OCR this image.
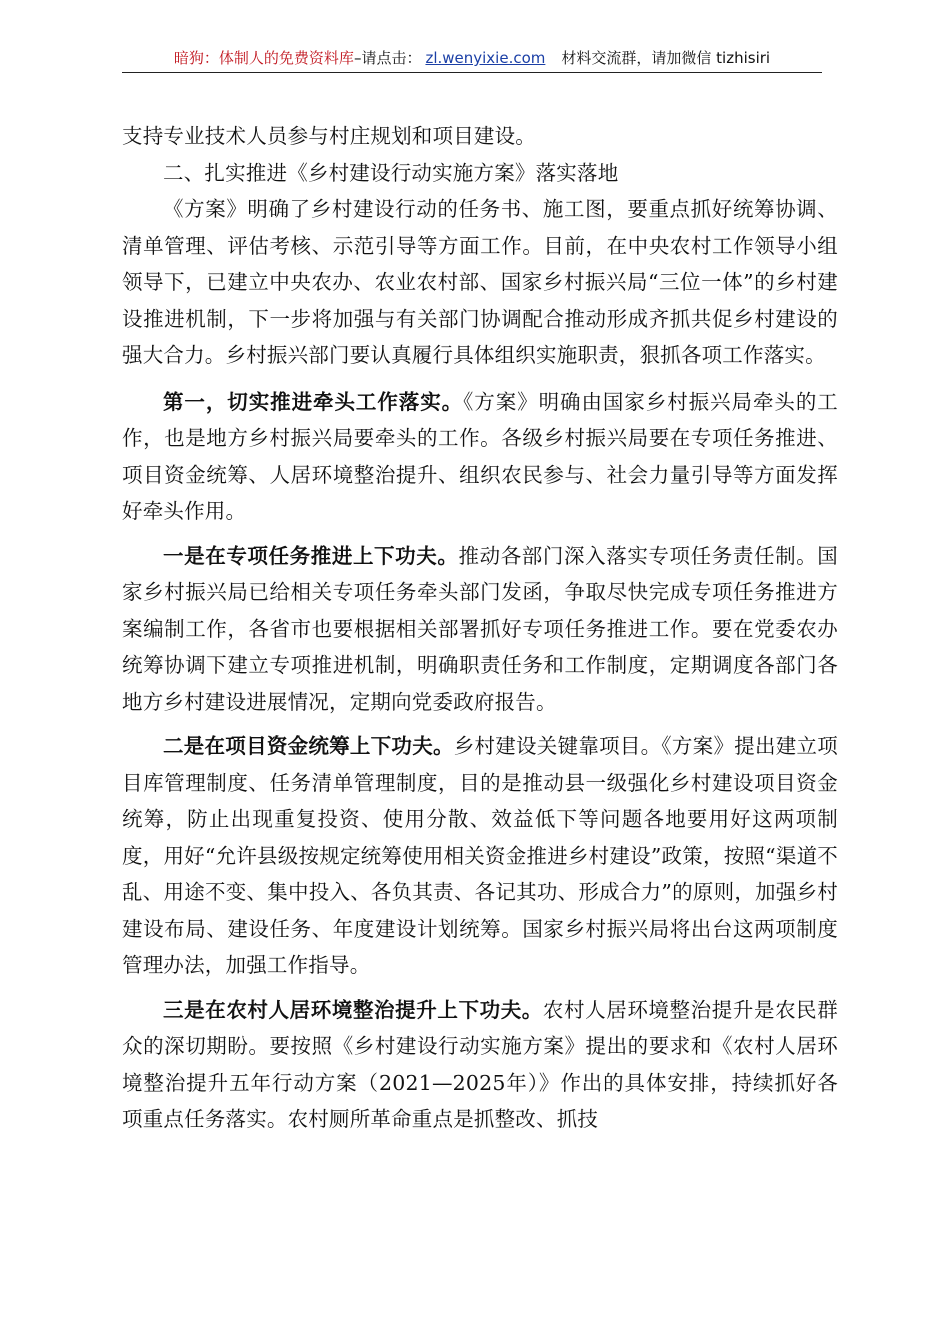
暗狗：体制人的免费资料库–请点击： zl.wenyixie.com 材料交流群，请加微信 tizhisiri

支持专业技术人员参与村庄规划和项目建设。

二、扎实推进《乡村建设行动实施方案》落实落地

《方案》明确了乡村建设行动的任务书、施工图，要重点抓好统筹协调、清单管理、评估考核、示范引导等方面工作。目前，在中央农村工作领导小组领导下，已建立中央农办、农业农村部、国家乡村振兴局“三位一体”的乡村建设推进机制，下一步将加强与有关部门协调配合推动形成齐抓共促乡村建设的强大合力。乡村振兴部门要认真履行具体组织实施职责，狠抓各项工作落实。

第一，切实推进牵头工作落实。《方案》明确由国家乡村振兴局牵头的工作，也是地方乡村振兴局要牵头的工作。各级乡村振兴局要在专项任务推进、项目资金统筹、人居环境整治提升、组织农民参与、社会力量引导等方面发挥好牵头作用。

一是在专项任务推进上下功夫。推动各部门深入落实专项任务责任制。国家乡村振兴局已给相关专项任务牵头部门发函，争取尽快完成专项任务推进方案编制工作，各省市也要根据相关部署抓好专项任务推进工作。要在党委农办统筹协调下建立专项推进机制，明确职责任务和工作制度，定期调度各部门各地方乡村建设进展情况，定期向党委政府报告。

二是在项目资金统筹上下功夫。乡村建设关键靠项目。《方案》提出建立项目库管理制度、任务清单管理制度，目的是推动县一级强化乡村建设项目资金统筹，防止出现重复投资、使用分散、效益低下等问题各地要用好这两项制度，用好“允许县级按规定统筹使用相关资金推进乡村建设”政策，按照“渠道不乱、用途不变、集中投入、各负其责、各记其功、形成合力”的原则，加强乡村建设布局、建设任务、年度建设计划统筹。国家乡村振兴局将出台这两项制度管理办法，加强工作指导。

三是在农村人居环境整治提升上下功夫。农村人居环境整治提升是农民群众的深切期盼。要按照《乡村建设行动实施方案》提出的要求和《农村人居环境整治提升五年行动方案（2021—2025年）》作出的具体安排，持续抓好各项重点任务落实。农村厕所革命重点是抓整改、抓技
